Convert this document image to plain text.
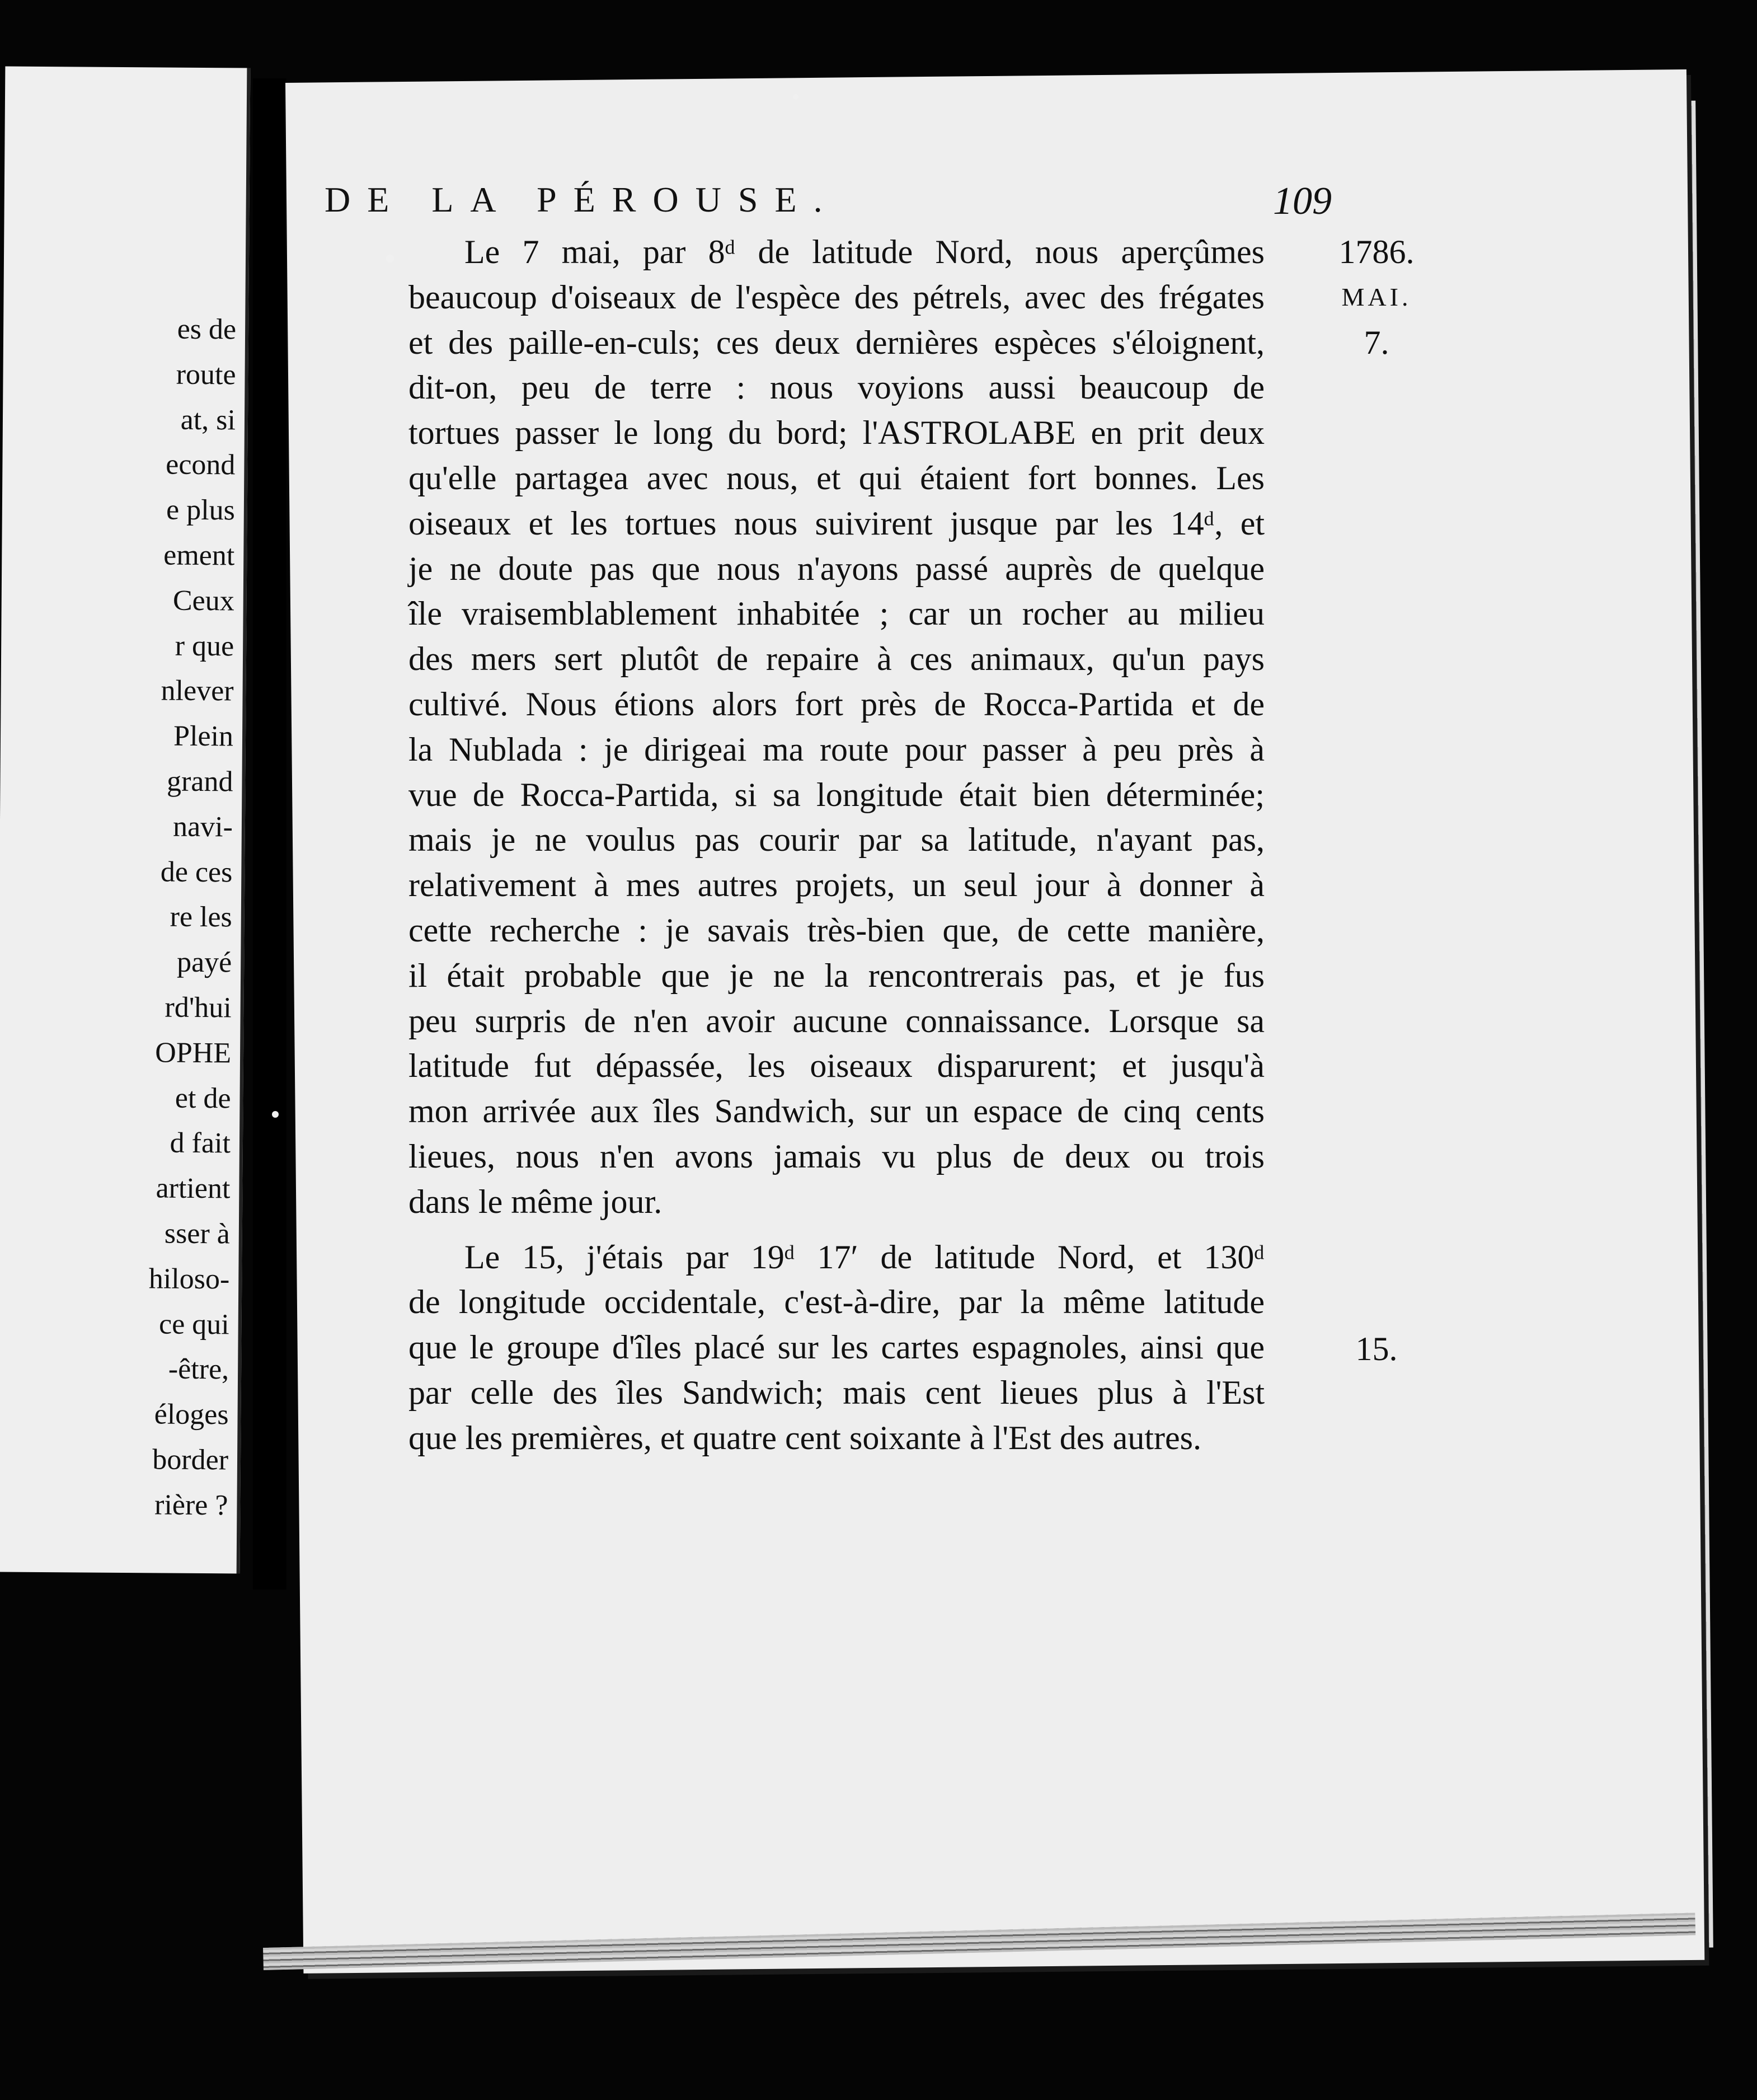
es de
route
at, si
econd
e plus
ement
Ceux
r que
nlever
Plein
grand
navi-
de ces
re les
payé
rd'hui
OPHE
et de
d fait
artient
sser à
hiloso-
ce qui
-être,
éloges
border
rière ?
DE LA PÉROUSE.	109
Le 7 mai, par 8ᵈ de latitude Nord, nous aperçûmes
beaucoup d'oiseaux de l'espèce des pétrels, avec des frégates
et des paille-en-culs; ces deux dernières espèces s'éloignent,
dit-on, peu de terre : nous voyions aussi beaucoup de
tortues passer le long du bord; l'ASTROLABE en prit deux
qu'elle partagea avec nous, et qui étaient fort bonnes. Les
oiseaux et les tortues nous suivirent jusque par les 14ᵈ, et
je ne doute pas que nous n'ayons passé auprès de quelque
île vraisemblablement inhabitée ; car un rocher au milieu
des mers sert plutôt de repaire à ces animaux, qu'un pays
cultivé. Nous étions alors fort près de Rocca-Partida et de
la Nublada : je dirigeai ma route pour passer à peu près à
vue de Rocca-Partida, si sa longitude était bien déterminée;
mais je ne voulus pas courir par sa latitude, n'ayant pas,
relativement à mes autres projets, un seul jour à donner à
cette recherche : je savais très-bien que, de cette manière,
il était probable que je ne la rencontrerais pas, et je fus
peu surpris de n'en avoir aucune connaissance. Lorsque sa
latitude fut dépassée, les oiseaux disparurent; et jusqu'à
mon arrivée aux îles Sandwich, sur un espace de cinq cents
lieues, nous n'en avons jamais vu plus de deux ou trois
dans le même jour.
Le 15, j'étais par 19ᵈ 17′ de latitude Nord, et 130ᵈ
de longitude occidentale, c'est-à-dire, par la même latitude
que le groupe d'îles placé sur les cartes espagnoles, ainsi que
par celle des îles Sandwich; mais cent lieues plus à l'Est
que les premières, et quatre cent soixante à l'Est des autres.
1786.
MAI.
7.
15.
